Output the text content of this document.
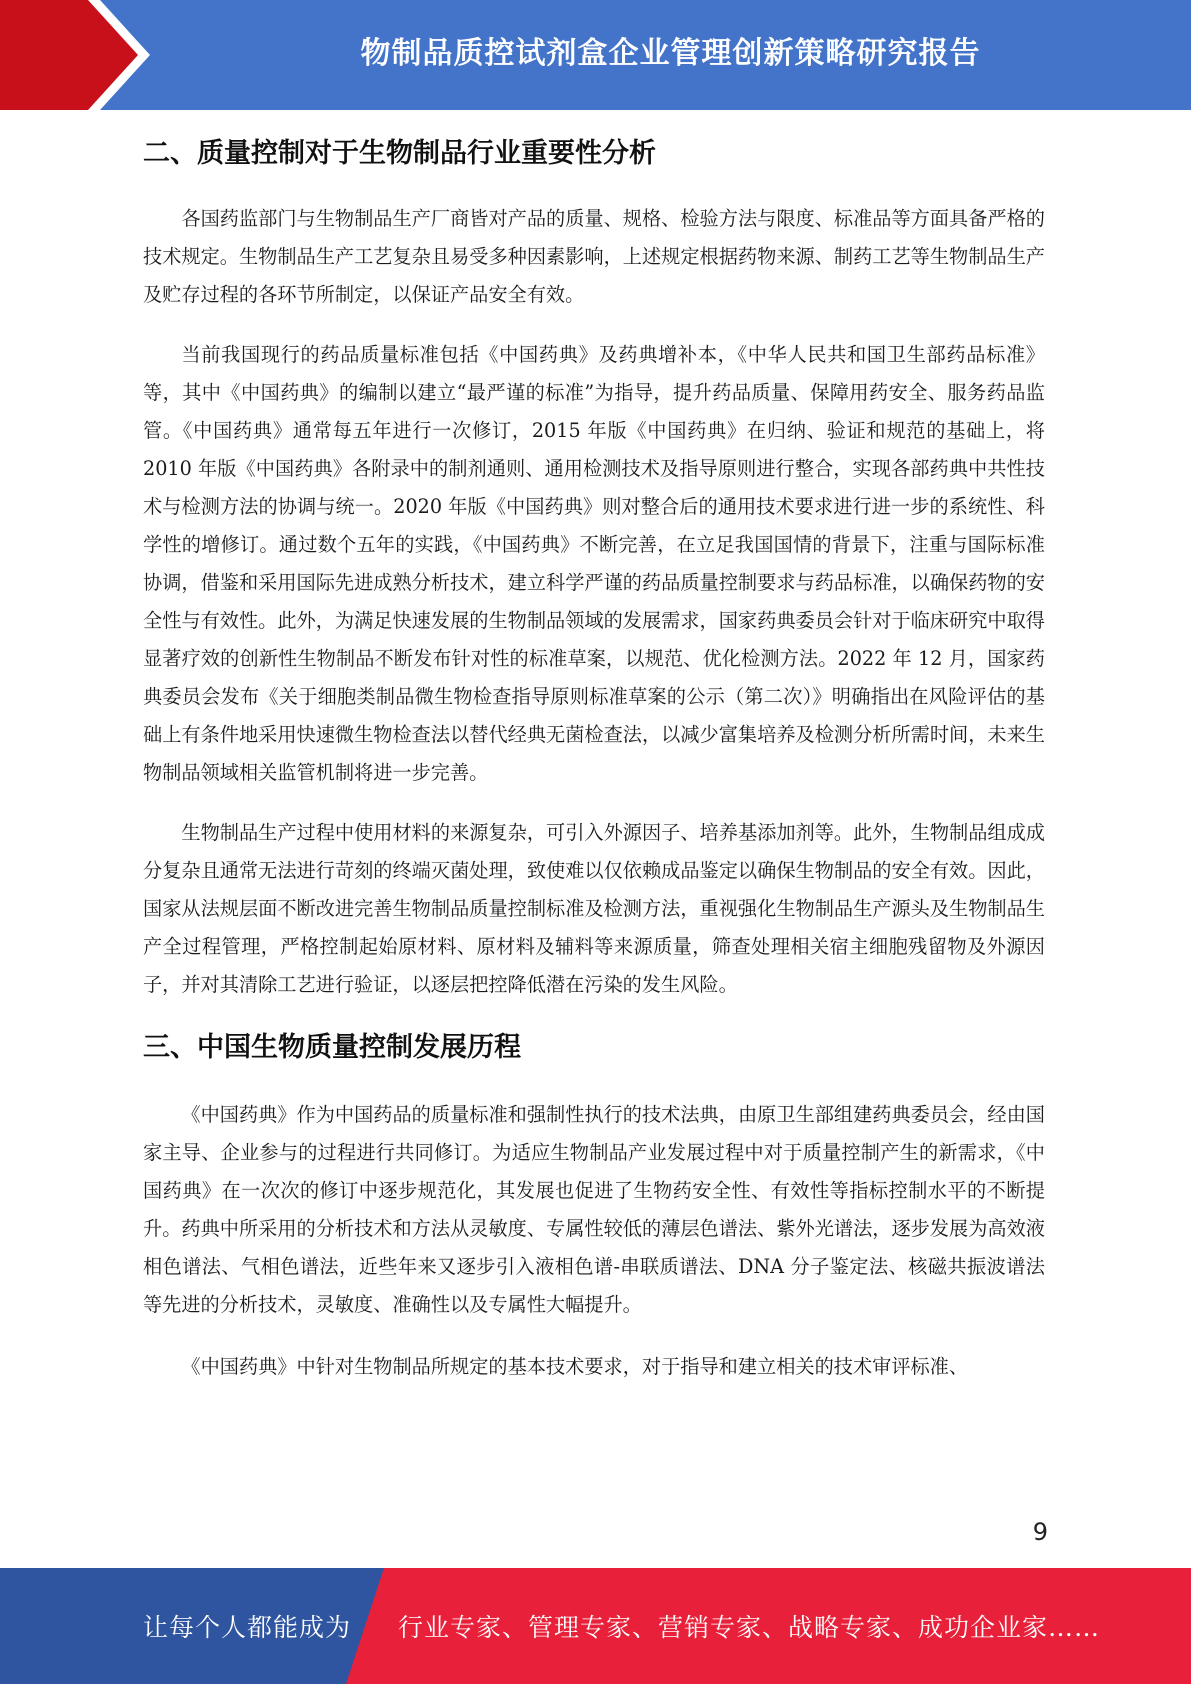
物制品质控试剂盒企业管理创新策略研究报告
二、质量控制对于生物制品行业重要性分析

各国药监部门与生物制品生产厂商皆对产品的质量、规格、检验方法与限度、标准品等方面具备严格的技术规定。生物制品生产工艺复杂且易受多种因素影响，上述规定根据药物来源、制药工艺等生物制品生产及贮存过程的各环节所制定，以保证产品安全有效。

当前我国现行的药品质量标准包括《中国药典》及药典增补本，《中华人民共和国卫生部药品标准》等，其中《中国药典》的编制以建立“最严谨的标准”为指导，提升药品质量、保障用药安全、服务药品监管。《中国药典》通常每五年进行一次修订，2015 年版《中国药典》在归纳、验证和规范的基础上，将 2010 年版《中国药典》各附录中的制剂通则、通用检测技术及指导原则进行整合，实现各部药典中共性技术与检测方法的协调与统一。2020 年版《中国药典》则对整合后的通用技术要求进行进一步的系统性、科学性的增修订。通过数个五年的实践，《中国药典》不断完善，在立足我国国情的背景下，注重与国际标准协调，借鉴和采用国际先进成熟分析技术，建立科学严谨的药品质量控制要求与药品标准，以确保药物的安全性与有效性。此外，为满足快速发展的生物制品领域的发展需求，国家药典委员会针对于临床研究中取得显著疗效的创新性生物制品不断发布针对性的标准草案，以规范、优化检测方法。2022 年 12 月，国家药典委员会发布《关于细胞类制品微生物检查指导原则标准草案的公示（第二次）》明确指出在风险评估的基础上有条件地采用快速微生物检查法以替代经典无菌检查法，以减少富集培养及检测分析所需时间，未来生物制品领域相关监管机制将进一步完善。

生物制品生产过程中使用材料的来源复杂，可引入外源因子、培养基添加剂等。此外，生物制品组成成分复杂且通常无法进行苛刻的终端灭菌处理，致使难以仅依赖成品鉴定以确保生物制品的安全有效。因此，国家从法规层面不断改进完善生物制品质量控制标准及检测方法，重视强化生物制品生产源头及生物制品生产全过程管理，严格控制起始原材料、原材料及辅料等来源质量，筛查处理相关宿主细胞残留物及外源因子，并对其清除工艺进行验证，以逐层把控降低潜在污染的发生风险。

三、中国生物质量控制发展历程

《中国药典》作为中国药品的质量标准和强制性执行的技术法典，由原卫生部组建药典委员会，经由国家主导、企业参与的过程进行共同修订。为适应生物制品产业发展过程中对于质量控制产生的新需求，《中国药典》在一次次的修订中逐步规范化，其发展也促进了生物药安全性、有效性等指标控制水平的不断提升。药典中所采用的分析技术和方法从灵敏度、专属性较低的薄层色谱法、紫外光谱法，逐步发展为高效液相色谱法、气相色谱法，近些年来又逐步引入液相色谱-串联质谱法、DNA 分子鉴定法、核磁共振波谱法等先进的分析技术，灵敏度、准确性以及专属性大幅提升。

《中国药典》中针对生物制品所规定的基本技术要求，对于指导和建立相关的技术审评标准、

9
让每个人都能成为 行业专家、管理专家、营销专家、战略专家、成功企业家……
